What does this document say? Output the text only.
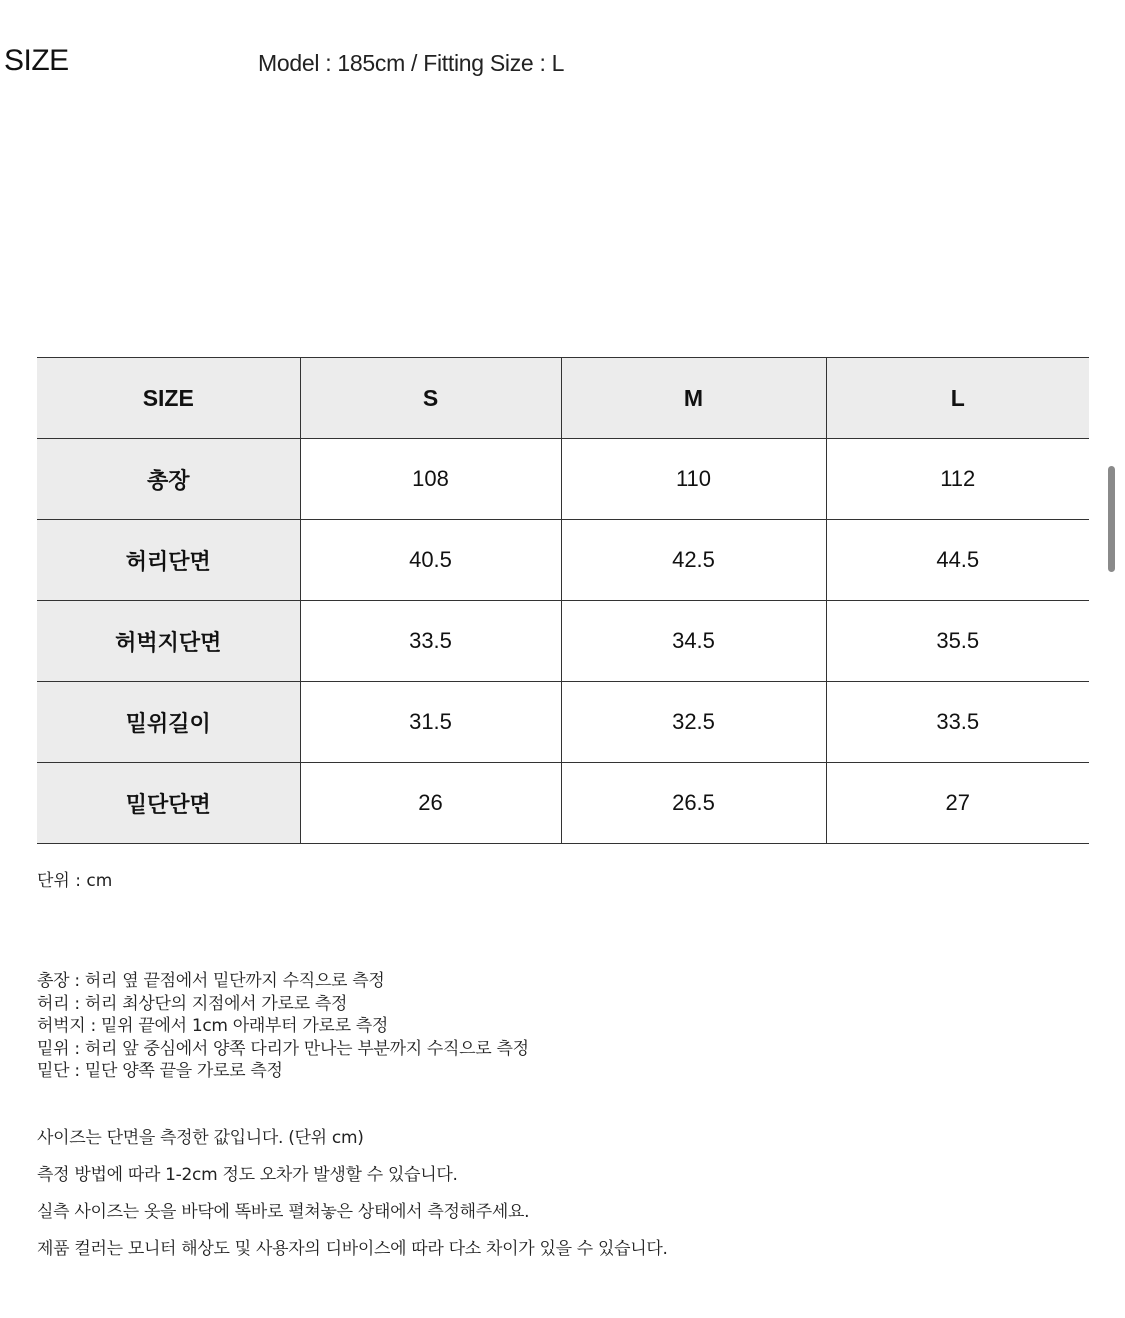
SIZE	Model : 185cm / Fitting Size : L
SIZE	S	M	L
총장	108	110	112
허리단면	40.5	42.5	44.5
허벅지단면	33.5	34.5	35.5
밑위길이	31.5	32.5	33.5
밑단단면	26	26.5	27
단위 : cm
총장 : 허리 옆 끝점에서 밑단까지 수직으로 측정
허리 : 허리 최상단의 지점에서 가로로 측정
허벅지 : 밑위 끝에서 1cm 아래부터 가로로 측정
밑위 : 허리 앞 중심에서 양쪽 다리가 만나는 부분까지 수직으로 측정
밑단 : 밑단 양쪽 끝을 가로로 측정
사이즈는 단면을 측정한 값입니다. (단위 cm)
측정 방법에 따라 1-2cm 정도 오차가 발생할 수 있습니다.
실측 사이즈는 옷을 바닥에 똑바로 펼쳐놓은 상태에서 측정해주세요.
제품 컬러는 모니터 해상도 및 사용자의 디바이스에 따라 다소 차이가 있을 수 있습니다.
